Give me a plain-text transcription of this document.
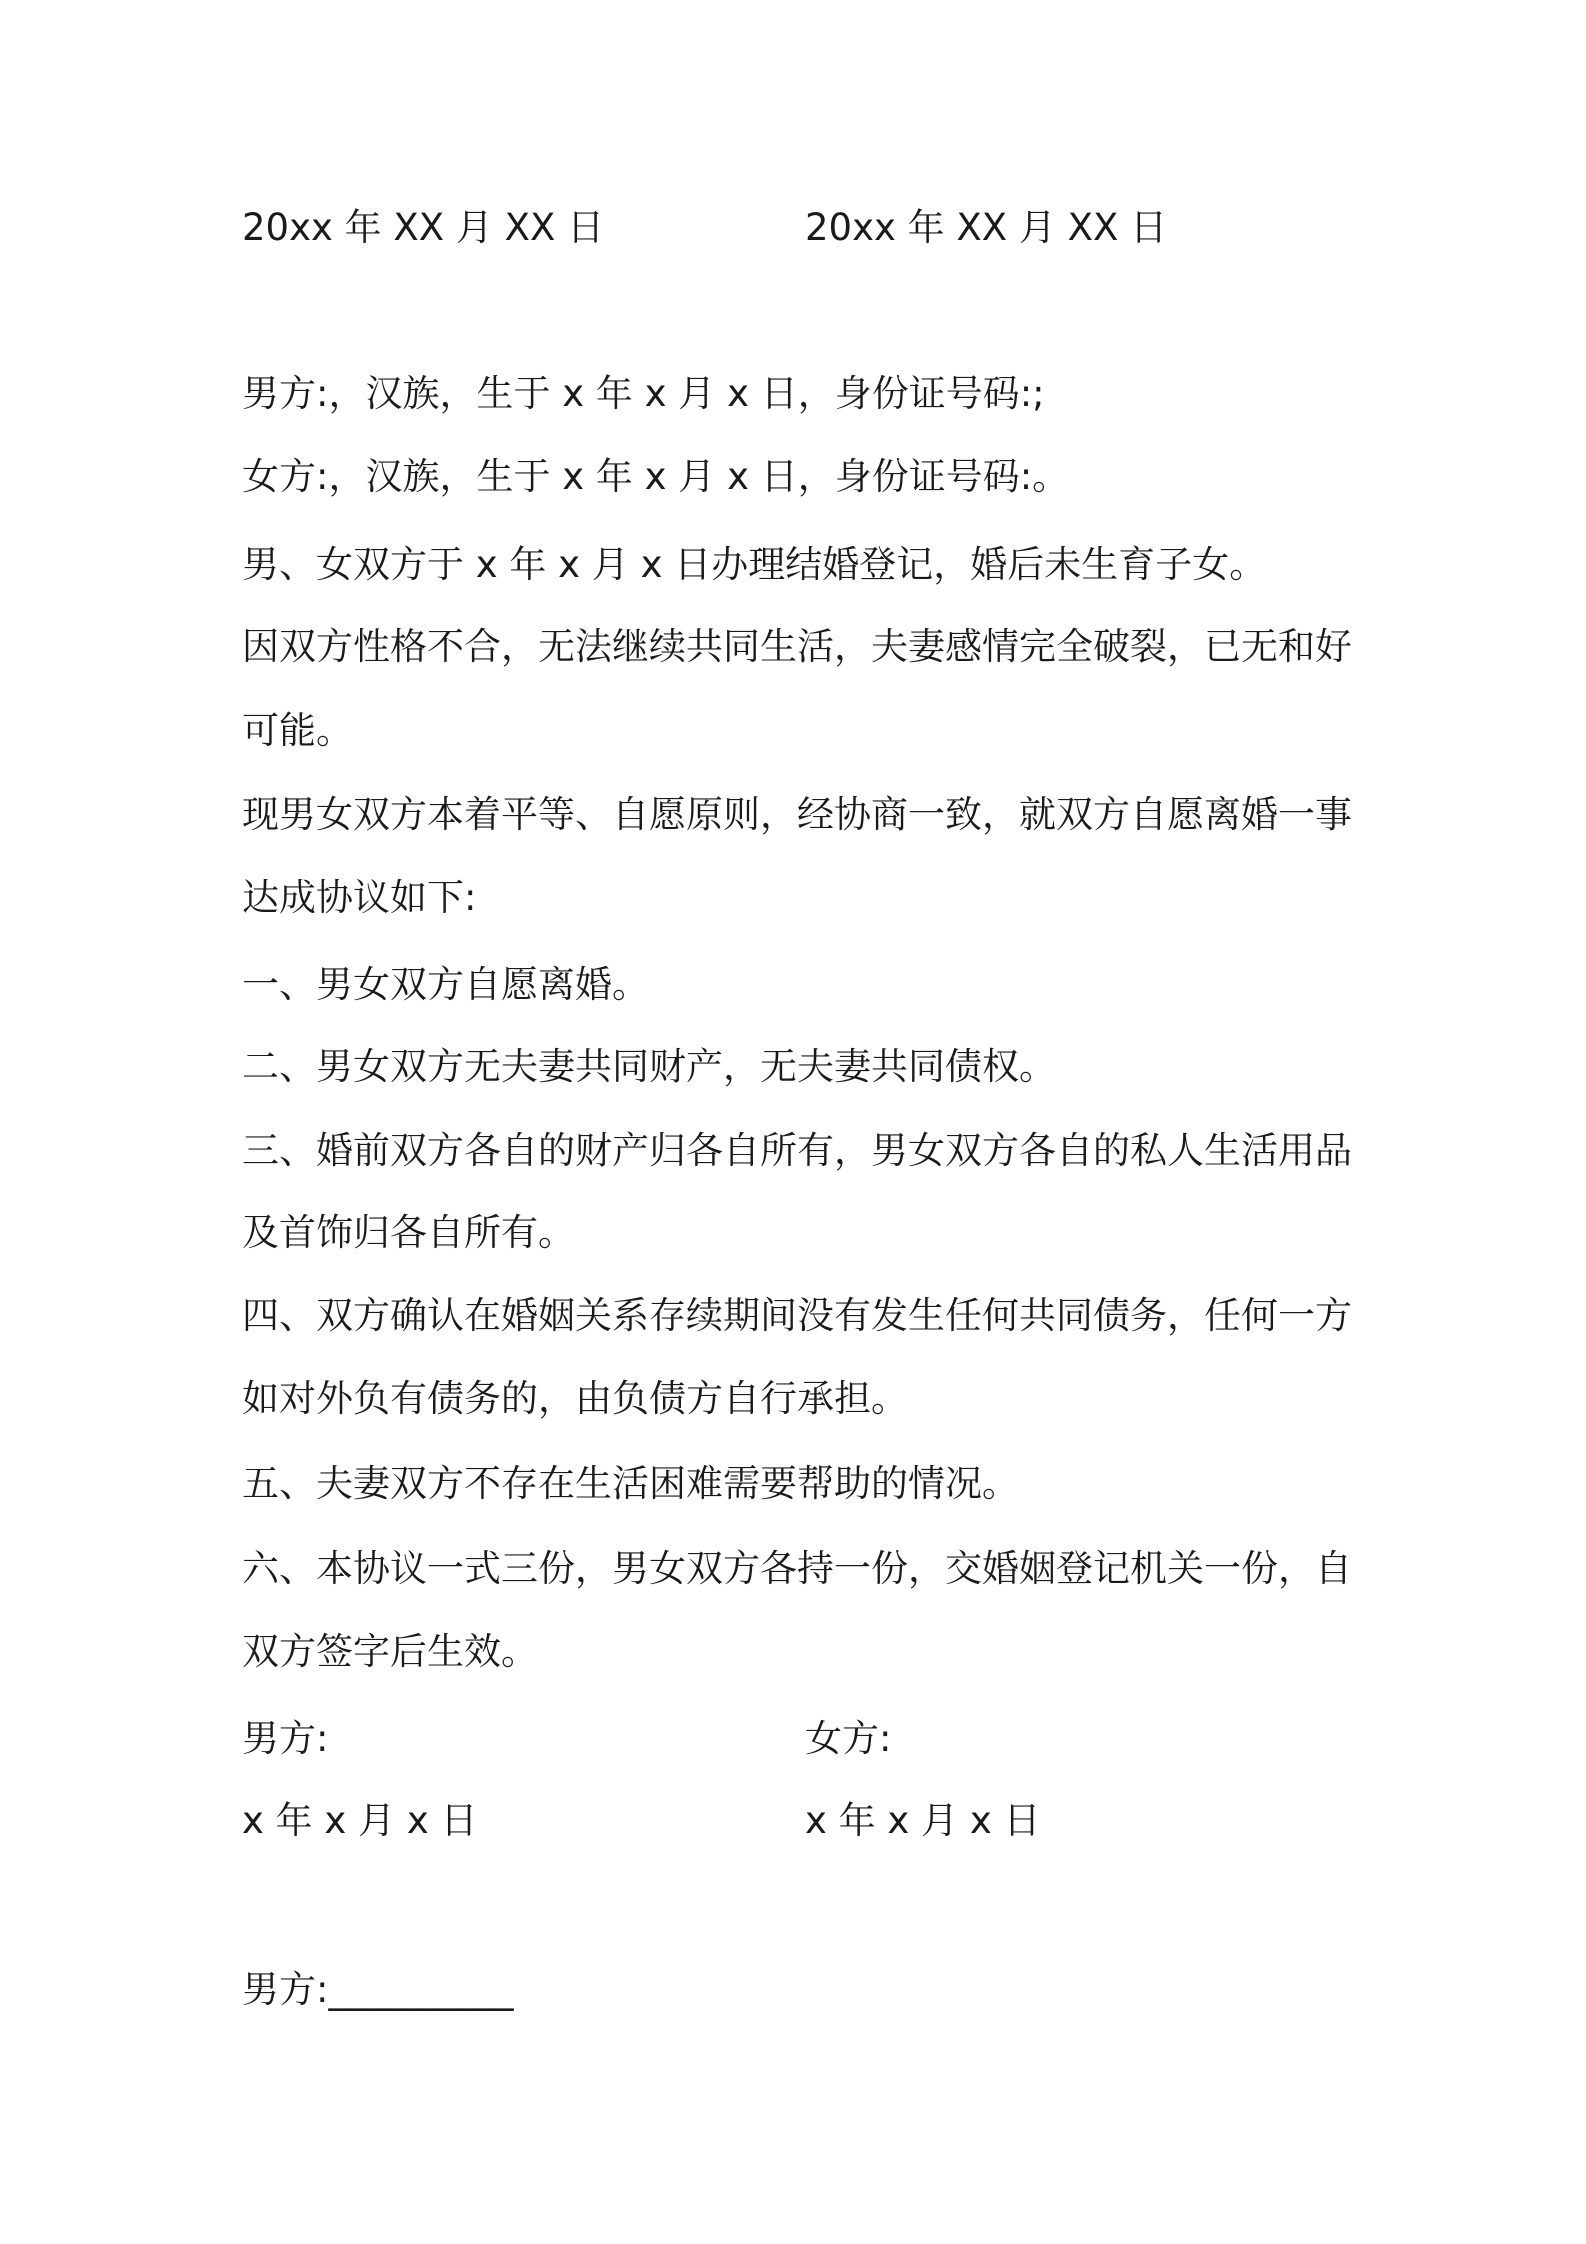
20xx 年 XX 月 XX 日	20xx 年 XX 月 XX 日
男方:，汉族，生于 x 年 x 月 x 日，身份证号码:;
女方:，汉族，生于 x 年 x 月 x 日，身份证号码:。
男、女双方于 x 年 x 月 x 日办理结婚登记，婚后未生育子女。
因双方性格不合，无法继续共同生活，夫妻感情完全破裂，已无和好
可能。
现男女双方本着平等、自愿原则，经协商一致，就双方自愿离婚一事
达成协议如下:
一、男女双方自愿离婚。
二、男女双方无夫妻共同财产，无夫妻共同债权。
三、婚前双方各自的财产归各自所有，男女双方各自的私人生活用品
及首饰归各自所有。
四、双方确认在婚姻关系存续期间没有发生任何共同债务，任何一方
如对外负有债务的，由负债方自行承担。
五、夫妻双方不存在生活困难需要帮助的情况。
六、本协议一式三份，男女双方各持一份，交婚姻登记机关一份，自
双方签字后生效。
男方:	女方:
x 年 x 月 x 日	x 年 x 月 x 日
男方:__________
